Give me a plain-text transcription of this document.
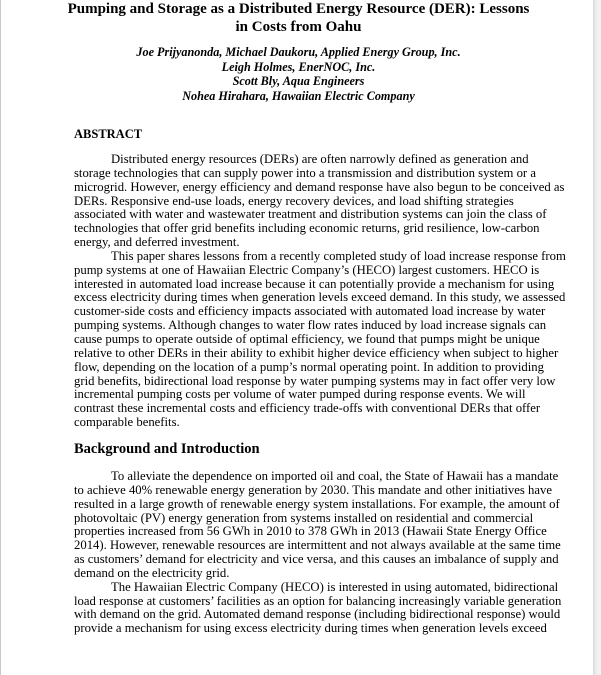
Pumping and Storage as a Distributed Energy Resource (DER): Lessons
in Costs from Oahu
Joe Prijyanonda, Michael Daukoru, Applied Energy Group, Inc.
Leigh Holmes, EnerNOC, Inc.
Scott Bly, Aqua Engineers
Nohea Hirahara, Hawaiian Electric Company
ABSTRACT
Distributed energy resources (DERs) are often narrowly defined as generation and
storage technologies that can supply power into a transmission and distribution system or a
microgrid. However, energy efficiency and demand response have also begun to be conceived as
DERs. Responsive end-use loads, energy recovery devices, and load shifting strategies
associated with water and wastewater treatment and distribution systems can join the class of
technologies that offer grid benefits including economic returns, grid resilience, low-carbon
energy, and deferred investment.
This paper shares lessons from a recently completed study of load increase response from
pump systems at one of Hawaiian Electric Company’s (HECO) largest customers. HECO is
interested in automated load increase because it can potentially provide a mechanism for using
excess electricity during times when generation levels exceed demand. In this study, we assessed
customer-side costs and efficiency impacts associated with automated load increase by water
pumping systems. Although changes to water flow rates induced by load increase signals can
cause pumps to operate outside of optimal efficiency, we found that pumps might be unique
relative to other DERs in their ability to exhibit higher device efficiency when subject to higher
flow, depending on the location of a pump’s normal operating point. In addition to providing
grid benefits, bidirectional load response by water pumping systems may in fact offer very low
incremental pumping costs per volume of water pumped during response events. We will
contrast these incremental costs and efficiency trade-offs with conventional DERs that offer
comparable benefits.
Background and Introduction
To alleviate the dependence on imported oil and coal, the State of Hawaii has a mandate
to achieve 40% renewable energy generation by 2030. This mandate and other initiatives have
resulted in a large growth of renewable energy system installations. For example, the amount of
photovoltaic (PV) energy generation from systems installed on residential and commercial
properties increased from 56 GWh in 2010 to 378 GWh in 2013 (Hawaii State Energy Office
2014). However, renewable resources are intermittent and not always available at the same time
as customers’ demand for electricity and vice versa, and this causes an imbalance of supply and
demand on the electricity grid.
The Hawaiian Electric Company (HECO) is interested in using automated, bidirectional
load response at customers’ facilities as an option for balancing increasingly variable generation
with demand on the grid. Automated demand response (including bidirectional response) would
provide a mechanism for using excess electricity during times when generation levels exceed
